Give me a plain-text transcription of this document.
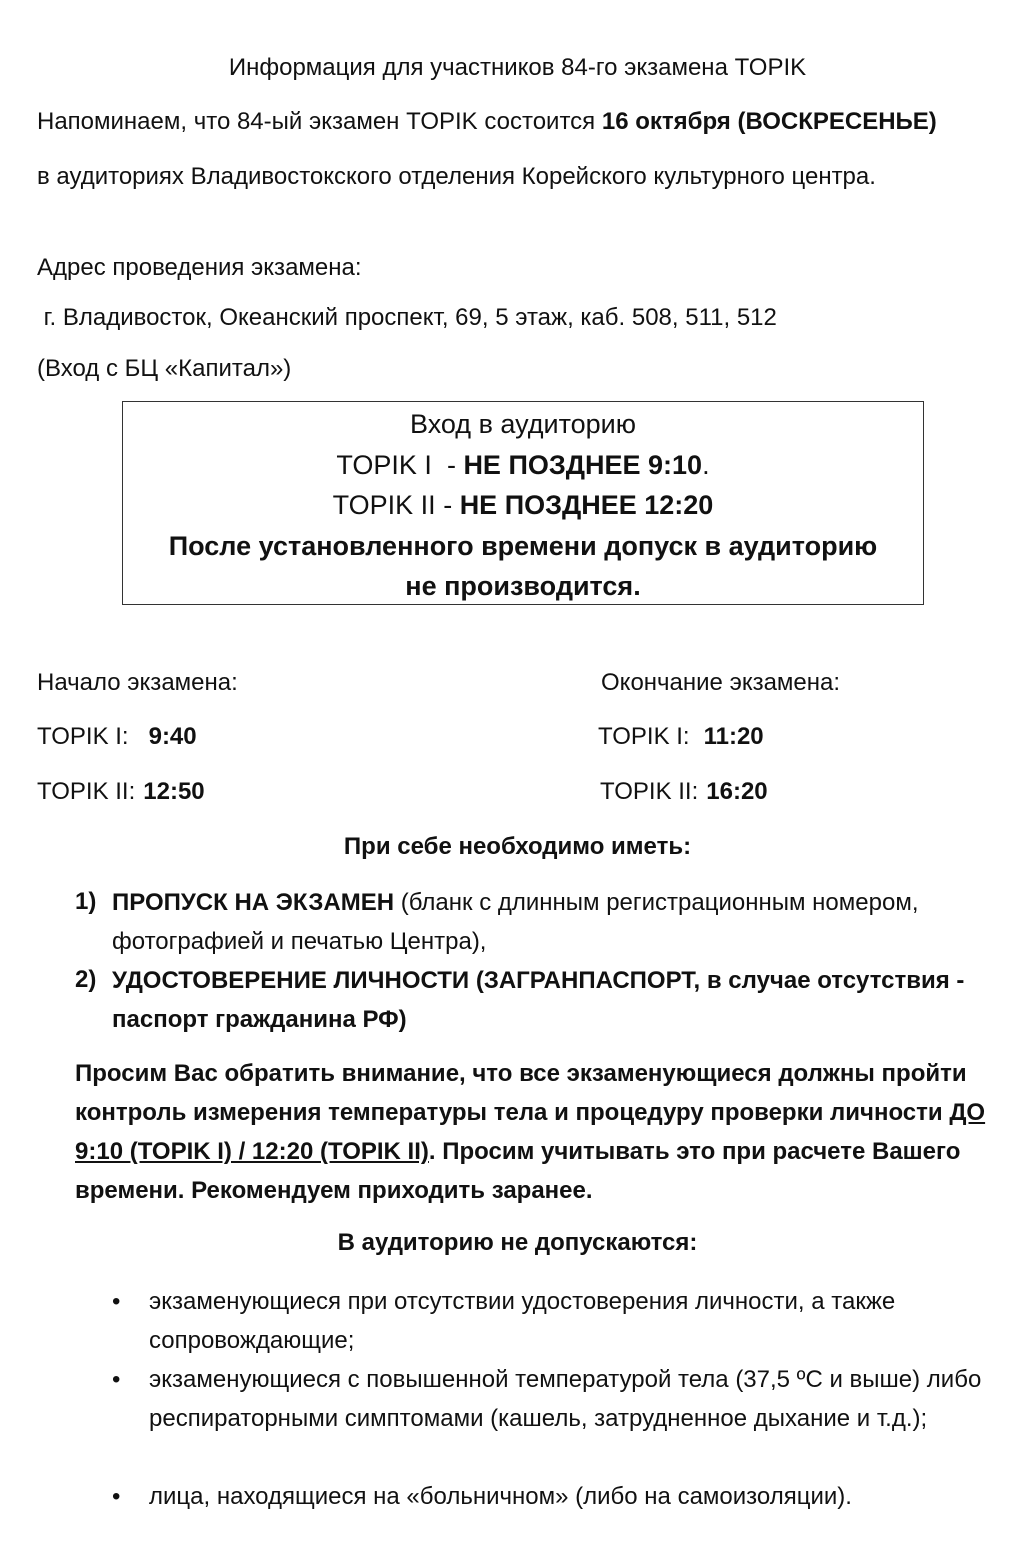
Информация для участников 84-го экзамена TOPIK
Напоминаем, что 84-ый экзамен TOPIK состоится 16 октября (ВОСКРЕСЕНЬЕ)
в аудиториях Владивостокского отделения Корейского культурного центра.
Адрес проведения экзамена:
г. Владивосток, Океанский проспект, 69, 5 этаж, каб. 508, 511, 512
(Вход с БЦ «Капитал»)
Вход в аудиторию
TOPIK I  - НЕ ПОЗДНЕЕ 9:10.
TOPIK II - НЕ ПОЗДНЕЕ 12:20
После установленного времени допуск в аудиторию
не производится.
Начало экзамена:	Окончание экзамена:
TOPIK I: 9:40
TOPIK II: 12:50
TOPIK I: 11:20
TOPIK II: 16:20
При себе необходимо иметь:
1) ПРОПУСК НА ЭКЗАМЕН (бланк с длинным регистрационным номером, фотографией и печатью Центра),
2) УДОСТОВЕРЕНИЕ ЛИЧНОСТИ (ЗАГРАНПАСПОРТ, в случае отсутствия - паспорт гражданина РФ)
Просим Вас обратить внимание, что все экзаменующиеся должны пройти контроль измерения температуры тела и процедуру проверки личности ДО 9:10 (TOPIK I) / 12:20 (TOPIK II). Просим учитывать это при расчете Вашего времени. Рекомендуем приходить заранее.
В аудиторию не допускаются:
• экзаменующиеся при отсутствии удостоверения личности, а также сопровождающие;
• экзаменующиеся с повышенной температурой тела (37,5 ºС и выше) либо респираторными симптомами (кашель, затрудненное дыхание и т.д.);
• лица, находящиеся на «больничном» (либо на самоизоляции).
